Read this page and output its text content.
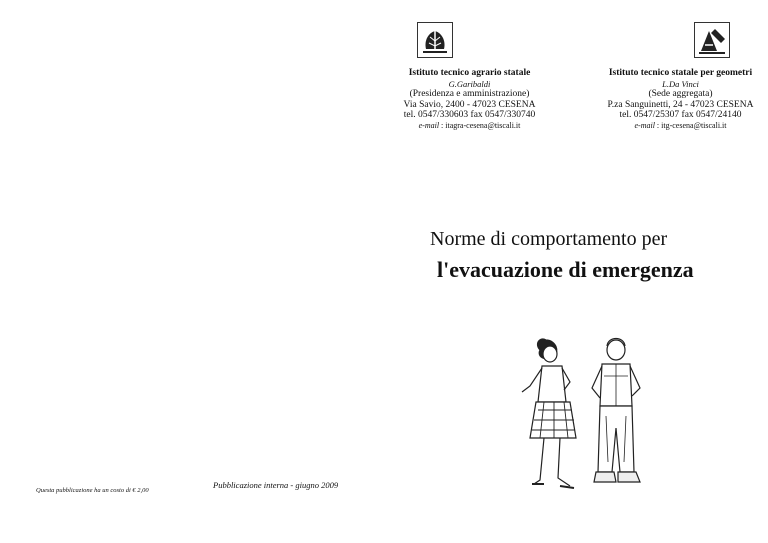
Istituto tecnico agrario statale
G.Garibaldi
(Presidenza e amministrazione)
Via Savio, 2400 - 47023 CESENA
tel. 0547/330603 fax 0547/330740
e-mail : itagra-cesena@tiscali.it
Istituto tecnico statale per geometri
L.Da Vinci
(Sede aggregata)
P.za Sanguinetti, 24 - 47023 CESENA
tel. 0547/25307 fax 0547/24140
e-mail : itg-cesena@tiscali.it
Norme di comportamento per
l'evacuazione di emergenza
Questa pubblicazione ha un costo di € 2,00
Pubblicazione interna - giugno 2009
